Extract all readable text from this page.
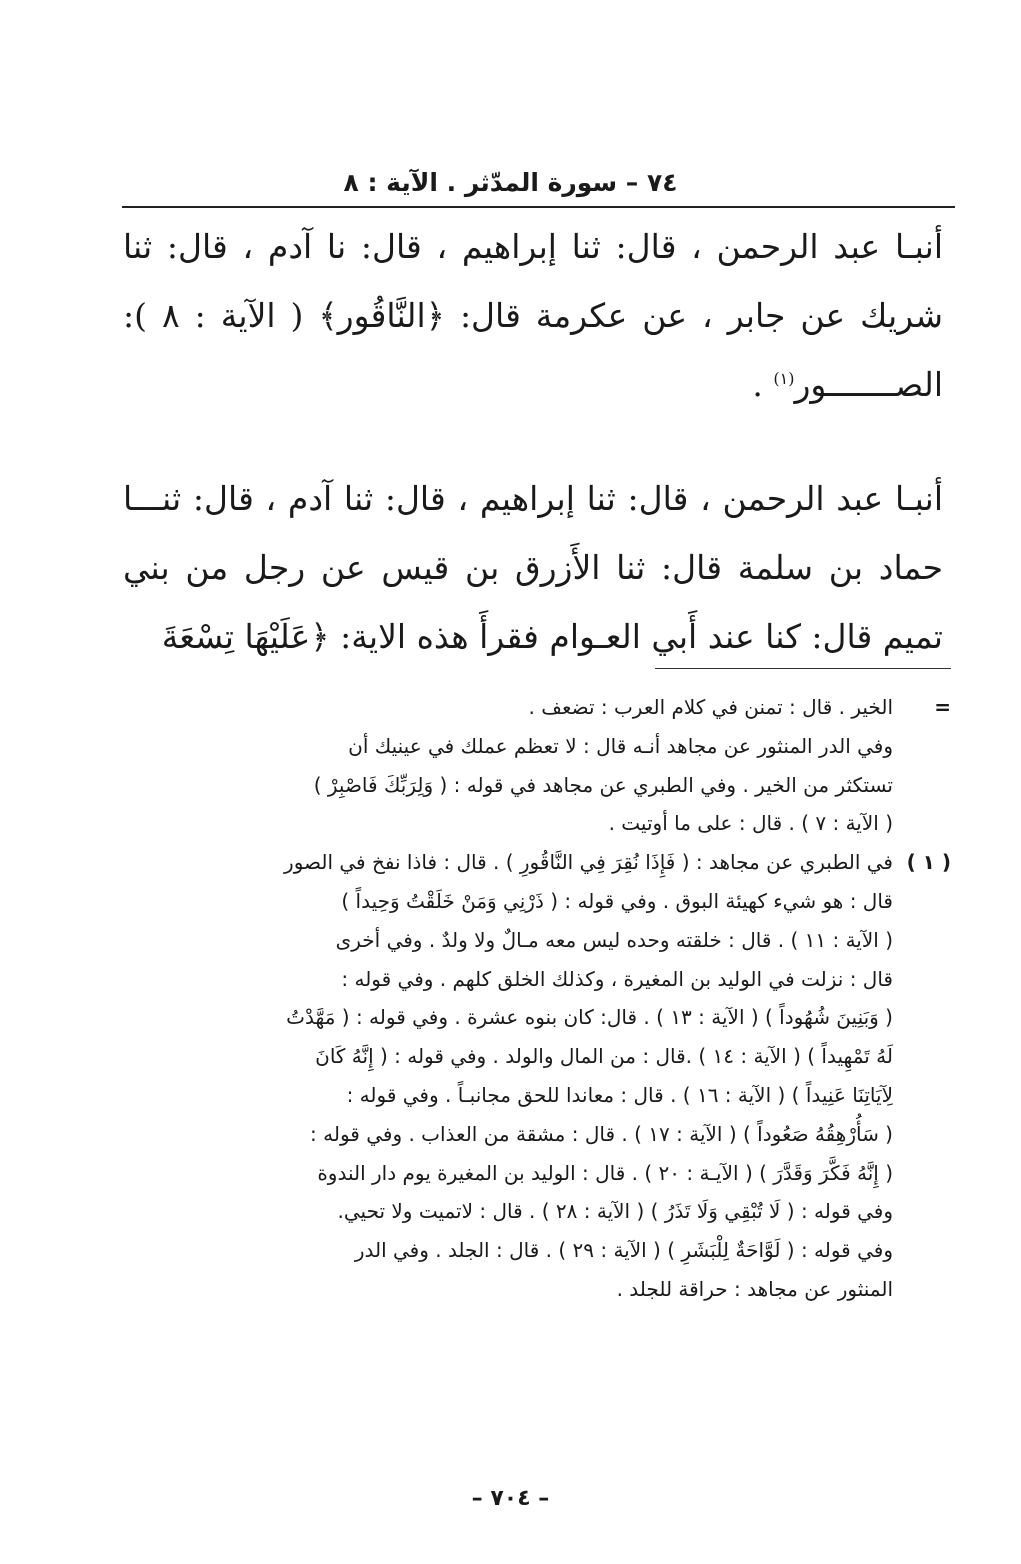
٧٤ – سورة المدّثر . الآية : ٨

أنبـا عبد الرحمن ، قال: ثنا إبراهيم ، قال: نا آدم ، قال: ثنا شريك عن جابر ، عن عكرمة قال: ﴿النَّاقُور﴾ ( الآية : ٨ ): الصـــــــور$^{(١)}$ .

أنبـا عبد الرحمن ، قال: ثنا إبراهيم ، قال: ثنا آدم ، قال: ثنـــا حماد بن سلمة قال: ثنا الأَزرق بن قيس عن رجل من بني تميم قال: كنا عند أَبي العـوام فقرأَ هذه الاية: ﴿عَلَيْهَا تِسْعَةَ

=
الخير . قال : تمنن في كلام العرب : تضعف .
وفي الدر المنثور عن مجاهد أنـه قال : لا تعظم عملك في عينيك أن
تستكثر من الخير . وفي الطبري عن مجاهد في قوله : ( وَلِرَبِّكَ فَاصْبِرْ )
( الآية : ٧ ) . قال : على ما أوتيت .
( ١ )
في الطبري عن مجاهد : ( فَإِذَا نُقِرَ فِي النَّاقُورِ ) . قال : فاذا نفخ في الصور
قال : هو شيء كهيئة البوق . وفي قوله : ( ذَرْنِي وَمَنْ خَلَقْتُ وَحِيداً )
( الآية : ١١ ) . قال : خلقته وحده ليس معه مـالٌ ولا ولدٌ . وفي أخرى
قال : نزلت في الوليد بن المغيرة ، وكذلك الخلق كلهم . وفي قوله :
( وَبَنِينَ شُهُوداً ) ( الآية : ١٣ ) . قال: كان بنوه عشرة . وفي قوله : ( مَهَّدْتُ
لَهُ تَمْهِيداً ) ( الآية : ١٤ ) .قال : من المال والولد . وفي قوله : ( إِنَّهُ كَانَ
لِآيَاتِنَا عَنِيداً ) ( الآية : ١٦ ) . قال : معاندا للحق مجانبـاً . وفي قوله :
( سَأُرْهِقُهُ صَعُوداً ) ( الآية : ١٧ ) . قال : مشقة من العذاب . وفي قوله :
( إِنَّهُ فَكَّرَ وَقَدَّرَ ) ( الآيـة : ٢٠ ) . قال : الوليد بن المغيرة يوم دار الندوة
وفي قوله : ( لَا تُبْقِي وَلَا تَذَرُ ) ( الآية : ٢٨ ) . قال : لاتميت ولا تحيي.
وفي قوله : ( لَوَّاحَةٌ لِلْبَشَرِ ) ( الآية : ٢٩ ) . قال : الجلد . وفي الدر
المنثور عن مجاهد : حراقة للجلد .
– ٧٠٤ –
